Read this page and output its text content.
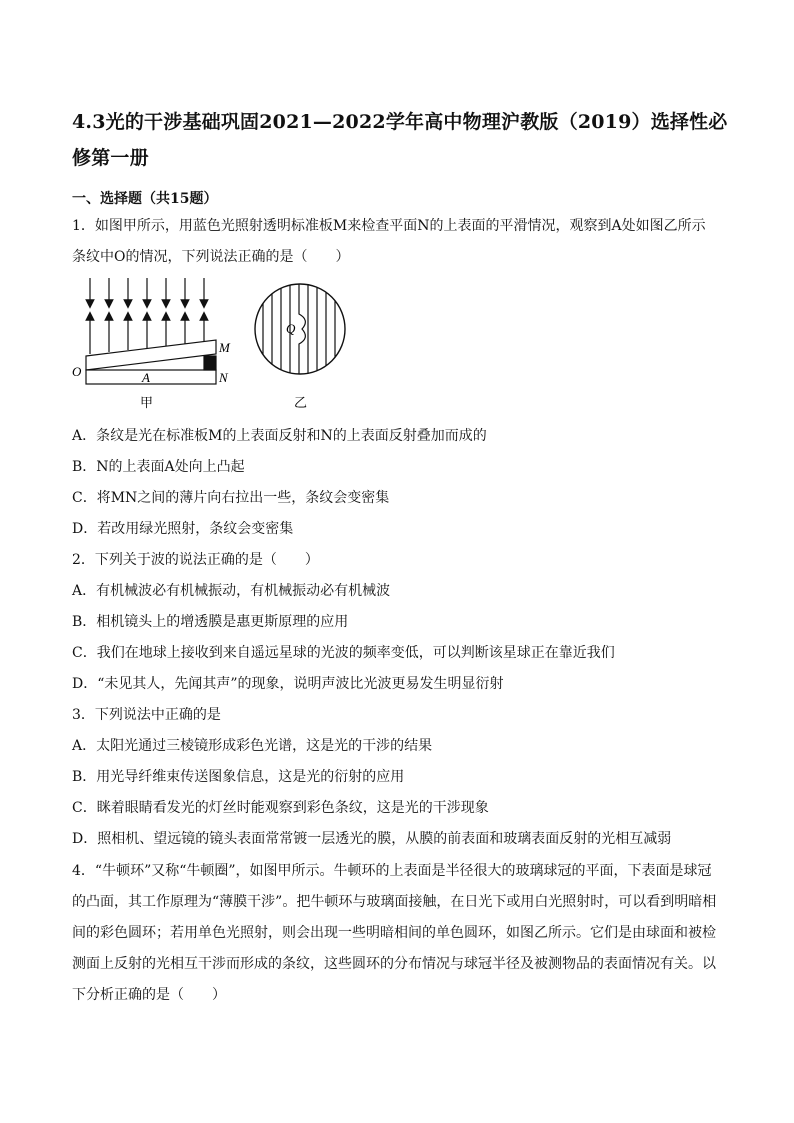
4.3光的干涉基础巩固2021—2022学年高中物理沪教版（2019）选择性必修第一册
一、选择题（共15题）
1．如图甲所示，用蓝色光照射透明标准板M来检查平面N的上表面的平滑情况，观察到A处如图乙所示
条纹中O的情况，下列说法正确的是（　　）
M
N
O	A
甲
Q
乙
A．条纹是光在标准板M的上表面反射和N的上表面反射叠加而成的
B．N的上表面A处向上凸起
C．将MN之间的薄片向右拉出一些，条纹会变密集
D．若改用绿光照射，条纹会变密集
2．下列关于波的说法正确的是（　　）
A．有机械波必有机械振动，有机械振动必有机械波
B．相机镜头上的增透膜是惠更斯原理的应用
C．我们在地球上接收到来自遥远星球的光波的频率变低，可以判断该星球正在靠近我们
D．“未见其人，先闻其声”的现象，说明声波比光波更易发生明显衍射
3．下列说法中正确的是
A．太阳光通过三棱镜形成彩色光谱，这是光的干涉的结果
B．用光导纤维束传送图象信息，这是光的衍射的应用
C．眯着眼睛看发光的灯丝时能观察到彩色条纹，这是光的干涉现象
D．照相机、望远镜的镜头表面常常镀一层透光的膜，从膜的前表面和玻璃表面反射的光相互减弱
4．“牛顿环”又称“牛顿圈”，如图甲所示。牛顿环的上表面是半径很大的玻璃球冠的平面，下表面是球冠的凸面，其工作原理为“薄膜干涉”。把牛顿环与玻璃面接触，在日光下或用白光照射时，可以看到明暗相间的彩色圆环；若用单色光照射，则会出现一些明暗相间的单色圆环，如图乙所示。它们是由球面和被检测面上反射的光相互干涉而形成的条纹，这些圆环的分布情况与球冠半径及被测物品的表面情况有关。以下分析正确的是（　　）
